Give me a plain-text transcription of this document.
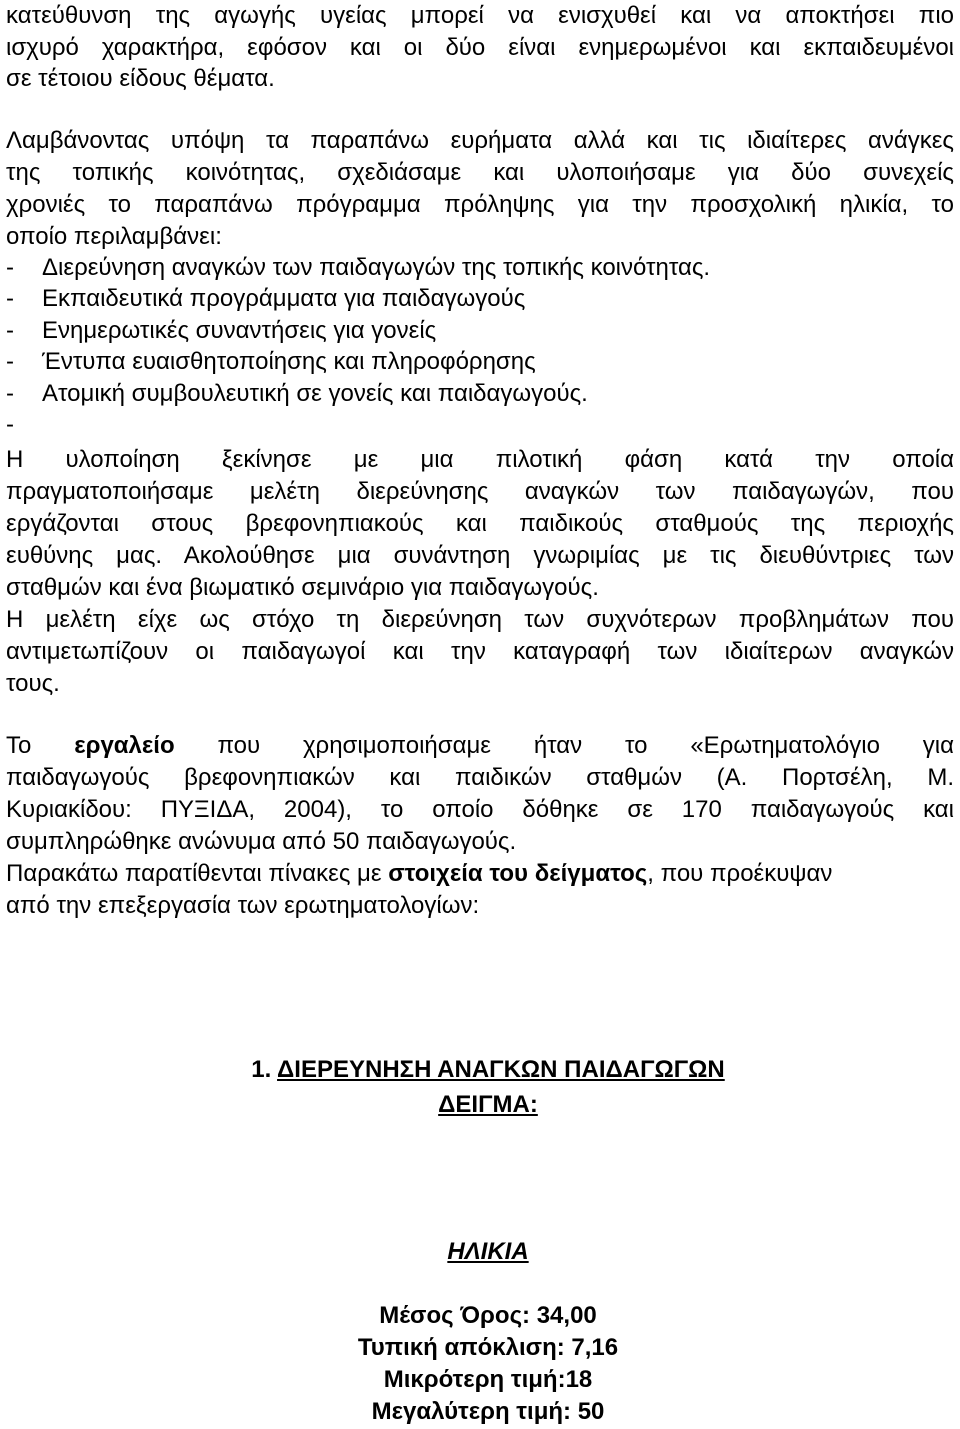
κατεύθυνση της αγωγής υγείας μπορεί να ενισχυθεί και να αποκτήσει πιο
ισχυρό χαρακτήρα, εφόσον και οι δύο είναι ενημερωμένοι και εκπαιδευμένοι
σε τέτοιου είδους θέματα.
Λαμβάνοντας υπόψη τα παραπάνω ευρήματα αλλά και τις ιδιαίτερες ανάγκες
της τοπικής κοινότητας, σχεδιάσαμε και υλοποιήσαμε για δύο συνεχείς
χρονιές το παραπάνω πρόγραμμα πρόληψης για την προσχολική ηλικία, το
οποίο περιλαμβάνει:
- Διερεύνηση αναγκών των παιδαγωγών της τοπικής κοινότητας.
- Εκπαιδευτικά προγράμματα για παιδαγωγούς
- Ενημερωτικές συναντήσεις για γονείς
- Έντυπα ευαισθητοποίησης και πληροφόρησης
- Ατομική συμβουλευτική σε γονείς και παιδαγωγούς.
-
Η υλοποίηση ξεκίνησε με μια πιλοτική φάση κατά την οποία
πραγματοποιήσαμε μελέτη διερεύνησης αναγκών των παιδαγωγών, που
εργάζονται στους βρεφονηπιακούς και παιδικούς σταθμούς της περιοχής
ευθύνης μας. Ακολούθησε μια συνάντηση γνωριμίας με τις διευθύντριες των
σταθμών και ένα βιωματικό σεμινάριο για παιδαγωγούς.
Η μελέτη είχε ως στόχο τη διερεύνηση των συχνότερων προβλημάτων που
αντιμετωπίζουν οι παιδαγωγοί και την καταγραφή των ιδιαίτερων αναγκών
τους.
Το εργαλείο που χρησιμοποιήσαμε ήταν το «Ερωτηματολόγιο για
παιδαγωγούς βρεφονηπιακών και παιδικών σταθμών (Α. Πορτσέλη, Μ.
Κυριακίδου: ΠΥΞΙΔΑ, 2004), το οποίο δόθηκε σε 170 παιδαγωγούς και
συμπληρώθηκε ανώνυμα από 50 παιδαγωγούς.
Παρακάτω παρατίθενται πίνακες με στοιχεία του δείγματος, που προέκυψαν
από την επεξεργασία των ερωτηματολογίων:
1. ΔΙΕΡΕΥΝΗΣΗ ΑΝΑΓΚΩΝ ΠΑΙΔΑΓΩΓΩΝ
ΔΕΙΓΜΑ:
ΗΛΙΚΙΑ
Μέσος Όρος: 34,00
Τυπική απόκλιση: 7,16
Μικρότερη τιμή:18
Μεγαλύτερη τιμή: 50
